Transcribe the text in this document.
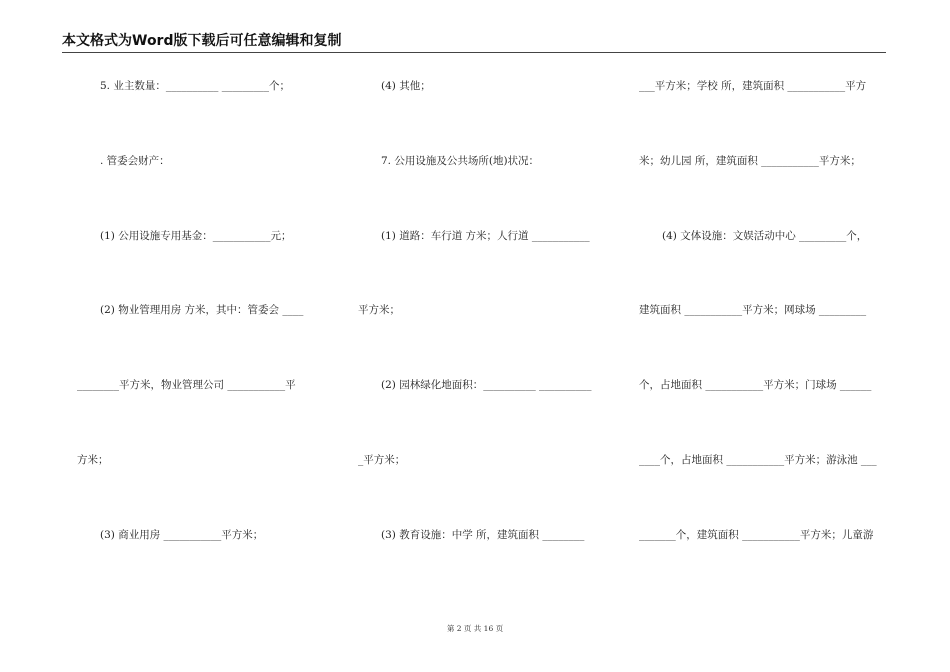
本文格式为Word版下载后可任意编辑和复制
5. 业主数量：__________ _________个；
. 管委会财产：
(1) 公用设施专用基金：___________元；
(2) 物业管理用房 方米，其中：管委会 ____
________平方米，物业管理公司 ___________平
方米；
(3) 商业用房 ___________平方米；
(4) 其他；
7. 公用设施及公共场所(地)状况：
(1) 道路：车行道 方米；人行道 ___________
平方米；
(2) 园林绿化地面积：__________ __________
_平方米；
(3) 教育设施：中学 所，建筑面积 ________
___平方米；学校 所，建筑面积 ___________平方
米；幼儿园 所，建筑面积 ___________平方米；
(4) 文体设施：文娱活动中心 _________个，
建筑面积 ___________平方米；网球场 _________
个，占地面积 ___________平方米；门球场 ______
____个，占地面积 ___________平方米；游泳池 ___
_______个，建筑面积 ___________平方米；儿童游
第 2 页 共 16 页
